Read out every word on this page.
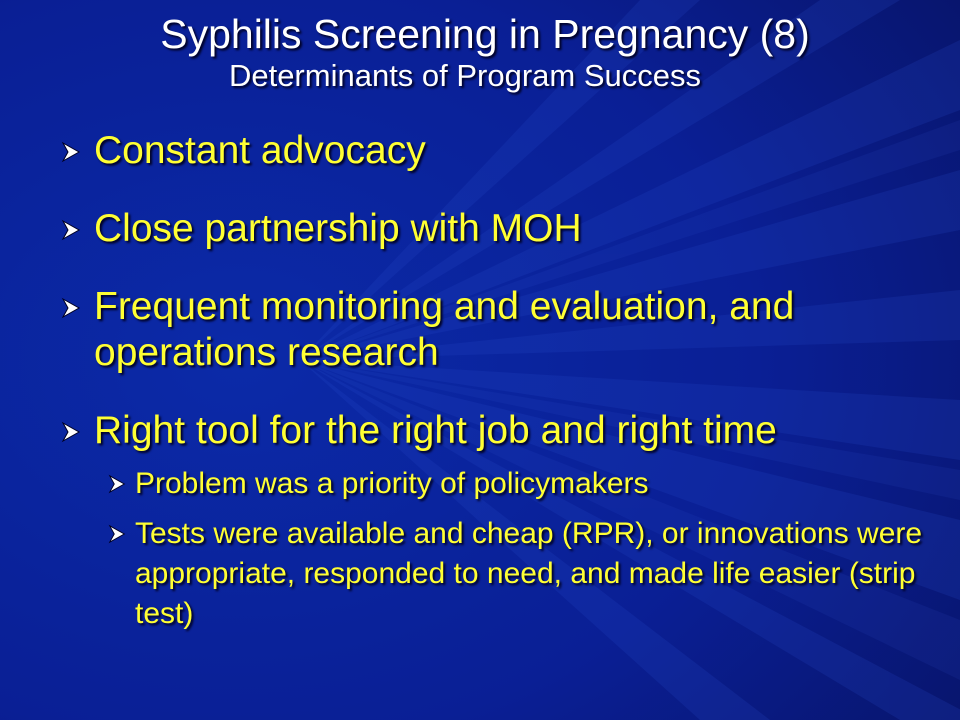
Syphilis Screening in Pregnancy (8)
Determinants of Program Success
Constant advocacy
Close partnership with MOH
Frequent monitoring and evaluation, and operations research
Right tool for the right job and right time
Problem was a priority of policymakers
Tests were available and cheap (RPR), or innovations were appropriate, responded to need, and made life easier (strip test)
